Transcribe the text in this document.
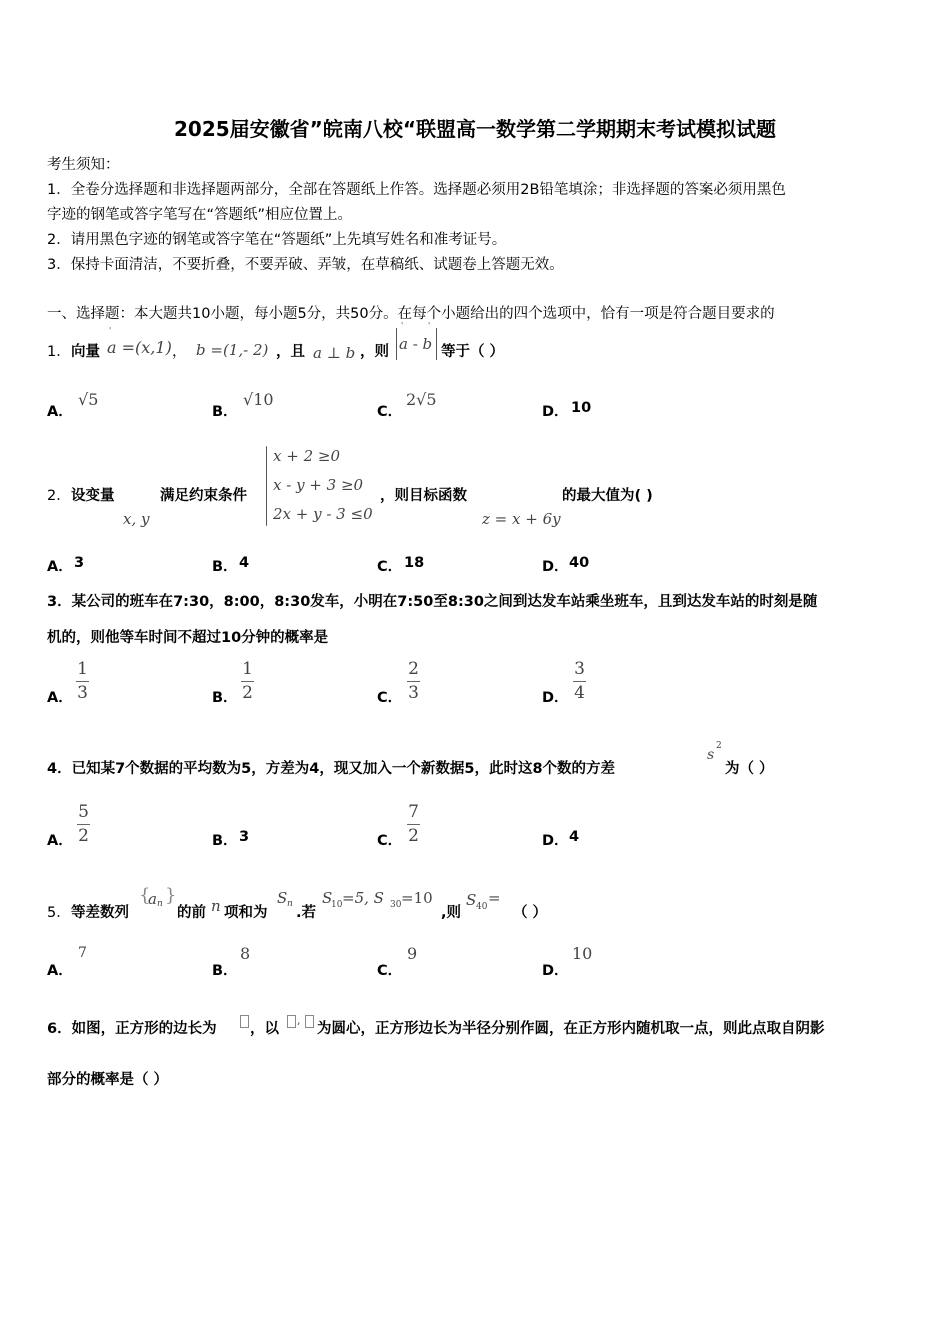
2025届安徽省”皖南八校“联盟高一数学第二学期期末考试模拟试题
考生须知：
1．全卷分选择题和非选择题两部分，全部在答题纸上作答。选择题必须用2B铅笔填涂；非选择题的答案必须用黑色
字迹的钢笔或答字笔写在“答题纸”相应位置上。
2．请用黑色字迹的钢笔或答字笔在“答题纸”上先填写姓名和准考证号。
3．保持卡面清洁，不要折叠，不要弄破、弄皱，在草稿纸、试题卷上答题无效。
一、选择题：本大题共10小题，每小题5分，共50分。在每个小题给出的四个选项中，恰有一项是符合题目要求的
1． 向量 a =(x,1) ， b =(1,- 2) ，且 a ⊥ b ，则 a - b 等于（ ）
A．
√5
B．
√10
C．
2√5
D． 10
2． 设变量
x, y
满足约束条件
x + 2 ≥0
x - y + 3 ≥0
2x + y - 3 ≤0
，则目标函数
z = x + 6y
的最大值为( )
A． 3	B． 4	C． 18	D． 40
3．某公司的班车在7:30，8:00，8:30发车，小明在7:50至8:30之间到达发车站乘坐班车，且到达发车站的时刻是随
机的，则他等车时间不超过10分钟的概率是
A．
1
3	B．
1
2	C．
2
3	D．
3
4
4．已知某7个数据的平均数为5，方差为4，现又加入一个新数据5，此时这8个数的方差
s
2
为（ ）
A．
5
2	B． 3	C．
7
2	D． 4
5． 等差数列
{
a n }
的前 n 项和为
S n
.若
S
10 =5, S 30 =10
,则
S 40 =
（ ）
A．
7
B．
8
C．
9
D．
10
6．如图，正方形的边长为 ，以
,
为圆心，正方形边长为半径分别作圆，在正方形内随机取一点，则此点取自阴影
部分的概率是（ ）
'
'	'
